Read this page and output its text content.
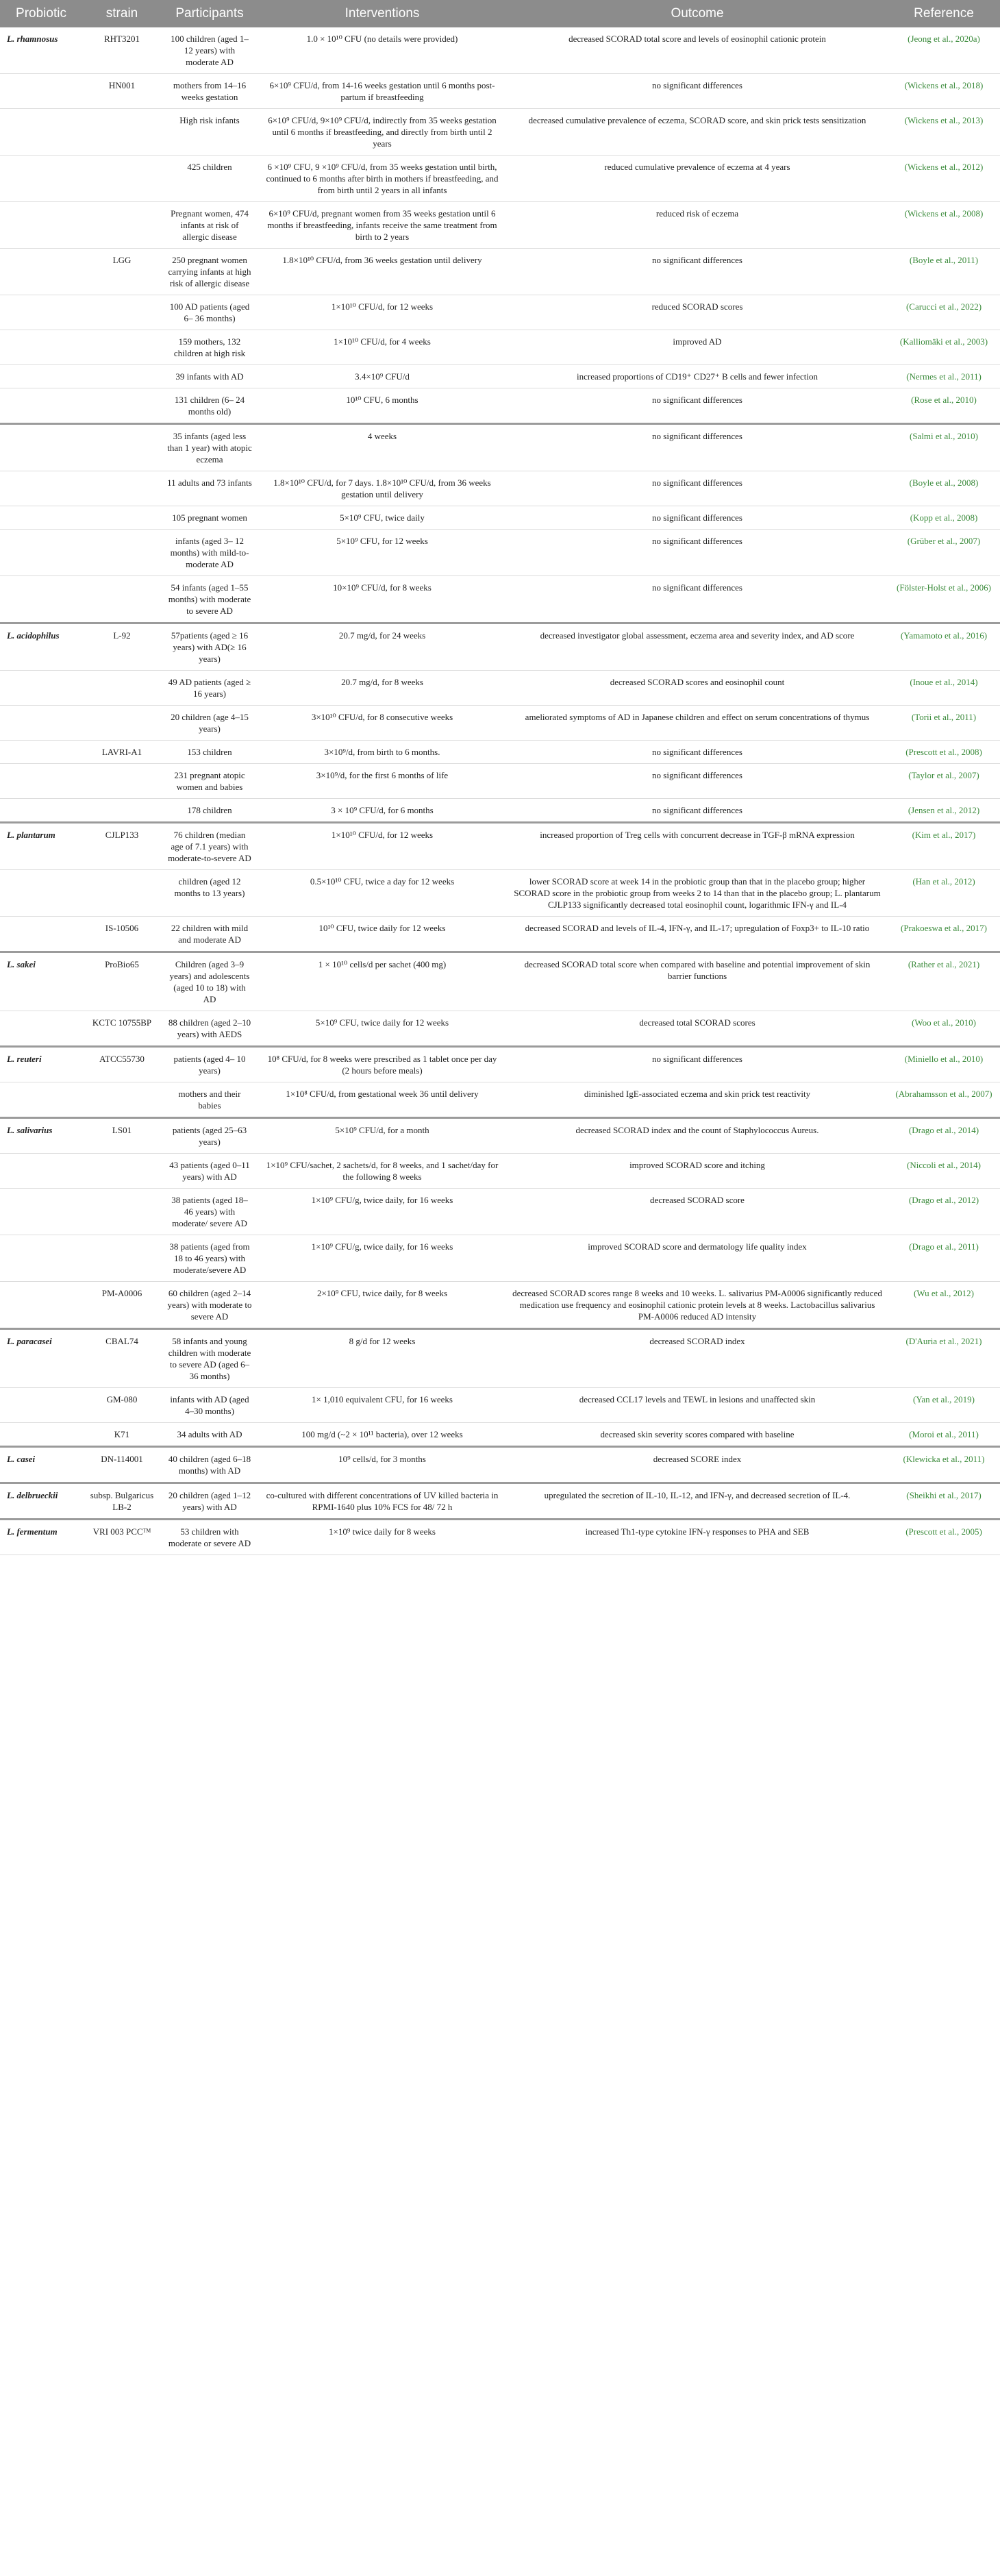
Probiotic	strain	Participants	Interventions	Outcome	Reference
L. rhamnosus	RHT3201	100 children (aged 1–12 years) with moderate AD	1.0 × 10¹⁰ CFU (no details were provided)	decreased SCORAD total score and levels of eosinophil cationic protein	(Jeong et al., 2020a)
	HN001	mothers from 14–16 weeks gestation	6×10⁹ CFU/d, from 14-16 weeks gestation until 6 months post-partum if breastfeeding	no significant differences	(Wickens et al., 2018)
		High risk infants	6×10⁹ CFU/d, 9×10⁹ CFU/d, indirectly from 35 weeks gestation until 6 months if breastfeeding, and directly from birth until 2 years	decreased cumulative prevalence of eczema, SCORAD score, and skin prick tests sensitization	(Wickens et al., 2013)
		425 children	6 ×10⁹ CFU, 9 ×10⁹ CFU/d, from 35 weeks gestation until birth, continued to 6 months after birth in mothers if breastfeeding, and from birth until 2 years in all infants	reduced cumulative prevalence of eczema at 4 years	(Wickens et al., 2012)
		Pregnant women, 474 infants at risk of allergic disease	6×10⁹ CFU/d, pregnant women from 35 weeks gestation until 6 months if breastfeeding, infants receive the same treatment from birth to 2 years	reduced risk of eczema	(Wickens et al., 2008)
	LGG	250 pregnant women carrying infants at high risk of allergic disease	1.8×10¹⁰ CFU/d, from 36 weeks gestation until delivery	no significant differences	(Boyle et al., 2011)
		100 AD patients (aged 6– 36 months)	1×10¹⁰ CFU/d, for 12 weeks	reduced SCORAD scores	(Carucci et al., 2022)
		159 mothers, 132 children at high risk	1×10¹⁰ CFU/d, for 4 weeks	improved AD	(Kalliomäki et al., 2003)
		39 infants with AD	3.4×10⁹ CFU/d	increased proportions of CD19⁺ CD27⁺ B cells and fewer infection	(Nermes et al., 2011)
		131 children (6– 24 months old)	10¹⁰ CFU, 6 months	no significant differences	(Rose et al., 2010)
		35 infants (aged less than 1 year) with atopic eczema	4 weeks	no significant differences	(Salmi et al., 2010)
		11 adults and 73 infants	1.8×10¹⁰ CFU/d, for 7 days. 1.8×10¹⁰ CFU/d, from 36 weeks gestation until delivery	no significant differences	(Boyle et al., 2008)
		105 pregnant women	5×10⁹ CFU, twice daily	no significant differences	(Kopp et al., 2008)
		infants (aged 3– 12 months) with mild-to-moderate AD	5×10⁹ CFU, for 12 weeks	no significant differences	(Grüber et al., 2007)
		54 infants (aged 1–55 months) with moderate to severe AD	10×10⁹ CFU/d, for 8 weeks	no significant differences	(Fölster-Holst et al., 2006)
L. acidophilus	L-92	57patients (aged ≥ 16 years) with AD(≥ 16 years)	20.7 mg/d, for 24 weeks	decreased investigator global assessment, eczema area and severity index, and AD score	(Yamamoto et al., 2016)
		49 AD patients (aged ≥ 16 years)	20.7 mg/d, for 8 weeks	decreased SCORAD scores and eosinophil count	(Inoue et al., 2014)
		20 children (age 4–15 years)	3×10¹⁰ CFU/d, for 8 consecutive weeks	ameliorated symptoms of AD in Japanese children and effect on serum concentrations of thymus	(Torii et al., 2011)
	LAVRI-A1	153 children	3×10⁹/d, from birth to 6 months.	no significant differences	(Prescott et al., 2008)
		231 pregnant atopic women and babies	3×10⁹/d, for the first 6 months of life	no significant differences	(Taylor et al., 2007)
		178 children	3 × 10⁹ CFU/d, for 6 months	no significant differences	(Jensen et al., 2012)
L. plantarum	CJLP133	76 children (median age of 7.1 years) with moderate-to-severe AD	1×10¹⁰ CFU/d, for 12 weeks	increased proportion of Treg cells with concurrent decrease in TGF-β mRNA expression	(Kim et al., 2017)
		children (aged 12 months to 13 years)	0.5×10¹⁰ CFU, twice a day for 12 weeks	lower SCORAD score at week 14 in the probiotic group than that in the placebo group; higher SCORAD score in the probiotic group from weeks 2 to 14 than that in the placebo group; L. plantarum CJLP133 significantly decreased total eosinophil count, logarithmic IFN-γ and IL-4	(Han et al., 2012)
	IS-10506	22 children with mild and moderate AD	10¹⁰ CFU, twice daily for 12 weeks	decreased SCORAD and levels of IL-4, IFN-γ, and IL-17; upregulation of Foxp3+ to IL-10 ratio	(Prakoeswa et al., 2017)
L. sakei	ProBio65	Children (aged 3–9 years) and adolescents (aged 10 to 18) with AD	1 × 10¹⁰ cells/d per sachet (400 mg)	decreased SCORAD total score when compared with baseline and potential improvement of skin barrier functions	(Rather et al., 2021)
	KCTC 10755BP	88 children (aged 2–10 years) with AEDS	5×10⁹ CFU, twice daily for 12 weeks	decreased total SCORAD scores	(Woo et al., 2010)
L. reuteri	ATCC55730	patients (aged 4– 10 years)	10⁸ CFU/d, for 8 weeks were prescribed as 1 tablet once per day (2 hours before meals)	no significant differences	(Miniello et al., 2010)
		mothers and their babies	1×10⁸ CFU/d, from gestational week 36 until delivery	diminished IgE-associated eczema and skin prick test reactivity	(Abrahamsson et al., 2007)
L. salivarius	LS01	patients (aged 25–63 years)	5×10⁹ CFU/d, for a month	decreased SCORAD index and the count of Staphylococcus Aureus.	(Drago et al., 2014)
		43 patients (aged 0–11 years) with AD	1×10⁹ CFU/sachet, 2 sachets/d, for 8 weeks, and 1 sachet/day for the following 8 weeks	improved SCORAD score and itching	(Niccoli et al., 2014)
		38 patients (aged 18–46 years) with moderate/ severe AD	1×10⁹ CFU/g, twice daily, for 16 weeks	decreased SCORAD score	(Drago et al., 2012)
		38 patients (aged from 18 to 46 years) with moderate/severe AD	1×10⁹ CFU/g, twice daily, for 16 weeks	improved SCORAD score and dermatology life quality index	(Drago et al., 2011)
	PM-A0006	60 children (aged 2–14 years) with moderate to severe AD	2×10⁹ CFU, twice daily, for 8 weeks	decreased SCORAD scores range 8 weeks and 10 weeks. L. salivarius PM-A0006 significantly reduced medication use frequency and eosinophil cationic protein levels at 8 weeks. Lactobacillus salivarius PM-A0006 reduced AD intensity	(Wu et al., 2012)
L. paracasei	CBAL74	58 infants and young children with moderate to severe AD (aged 6–36 months)	8 g/d for 12 weeks	decreased SCORAD index	(D'Auria et al., 2021)
	GM-080	infants with AD (aged 4–30 months)	1× 1,010 equivalent CFU, for 16 weeks	decreased CCL17 levels and TEWL in lesions and unaffected skin	(Yan et al., 2019)
	K71	34 adults with AD	100 mg/d (~2 × 10¹¹ bacteria), over 12 weeks	decreased skin severity scores compared with baseline	(Moroi et al., 2011)
L. casei	DN-114001	40 children (aged 6–18 months) with AD	10⁹ cells/d, for 3 months	decreased SCORE index	(Klewicka et al., 2011)
L. delbrueckii	subsp. Bulgaricus LB-2	20 children (aged 1–12 years) with AD	co-cultured with different concentrations of UV killed bacteria in RPMI-1640 plus 10% FCS for 48/ 72 h	upregulated the secretion of IL-10, IL-12, and IFN-γ, and decreased secretion of IL-4.	(Sheikhi et al., 2017)
L. fermentum	VRI 003 PCCᵀᴹ	53 children with moderate or severe AD	1×10⁹ twice daily for 8 weeks	increased Th1-type cytokine IFN-γ responses to PHA and SEB	(Prescott et al., 2005)
